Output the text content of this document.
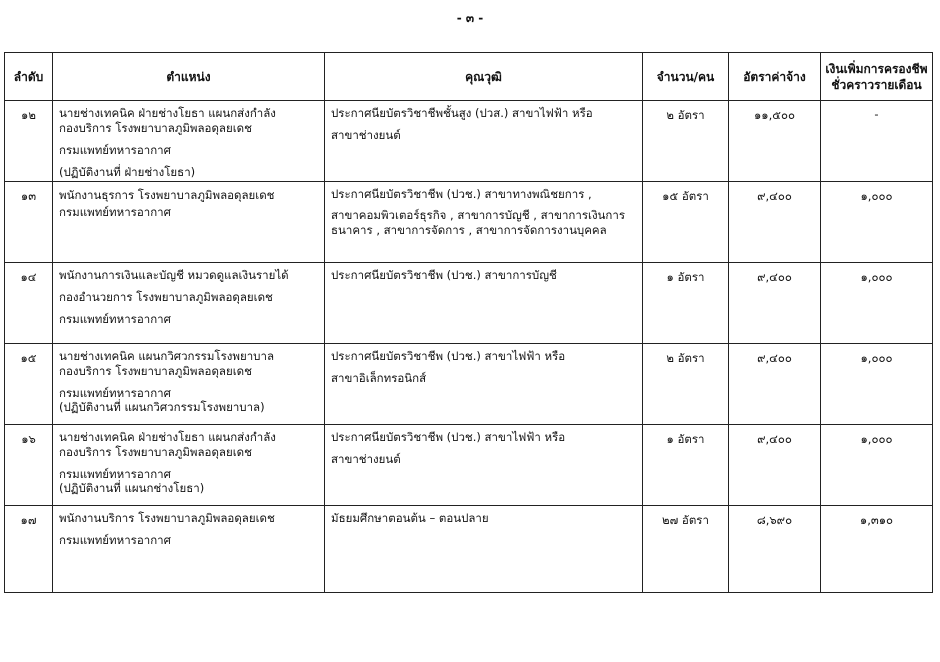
- ๓ -
ลำดับ	ตำแหน่ง	คุณวุฒิ	จำนวน/คน	อัตราค่าจ้าง	เงินเพิ่มการครองชีพ
ชั่วคราวรายเดือน

๑๒	นายช่างเทคนิค ฝ่ายช่างโยธา แผนกส่งกำลัง
กองบริการ โรงพยาบาลภูมิพลอดุลยเดช
กรมแพทย์ทหารอากาศ
(ปฏิบัติงานที่ ฝ่ายช่างโยธา)	ประกาศนียบัตรวิชาชีพชั้นสูง (ปวส.) สาขาไฟฟ้า หรือ
สาขาช่างยนต์	๒ อัตรา	๑๑,๕๐๐	-

๑๓	พนักงานธุรการ โรงพยาบาลภูมิพลอดุลยเดช
กรมแพทย์ทหารอากาศ	ประกาศนียบัตรวิชาชีพ (ปวช.) สาขาทางพณิชยการ ,
สาขาคอมพิวเตอร์ธุรกิจ , สาขาการบัญชี , สาขาการเงินการ
ธนาคาร , สาขาการจัดการ , สาขาการจัดการงานบุคคล	๑๕ อัตรา	๙,๔๐๐	๑,๐๐๐

๑๔	พนักงานการเงินและบัญชี หมวดดูแลเงินรายได้
กองอำนวยการ โรงพยาบาลภูมิพลอดุลยเดช
กรมแพทย์ทหารอากาศ	ประกาศนียบัตรวิชาชีพ (ปวช.) สาขาการบัญชี	๑ อัตรา	๙,๔๐๐	๑,๐๐๐

๑๕	นายช่างเทคนิค แผนกวิศวกรรมโรงพยาบาล
กองบริการ โรงพยาบาลภูมิพลอดุลยเดช
กรมแพทย์ทหารอากาศ
(ปฏิบัติงานที่ แผนกวิศวกรรมโรงพยาบาล)	ประกาศนียบัตรวิชาชีพ (ปวช.) สาขาไฟฟ้า หรือ
สาขาอิเล็กทรอนิกส์	๒ อัตรา	๙,๔๐๐	๑,๐๐๐

๑๖	นายช่างเทคนิค ฝ่ายช่างโยธา แผนกส่งกำลัง
กองบริการ โรงพยาบาลภูมิพลอดุลยเดช
กรมแพทย์ทหารอากาศ
(ปฏิบัติงานที่ แผนกช่างโยธา)	ประกาศนียบัตรวิชาชีพ (ปวช.) สาขาไฟฟ้า หรือ
สาขาช่างยนต์	๑ อัตรา	๙,๔๐๐	๑,๐๐๐

๑๗	พนักงานบริการ โรงพยาบาลภูมิพลอดุลยเดช
กรมแพทย์ทหารอากาศ	มัธยมศึกษาตอนต้น – ตอนปลาย	๒๗ อัตรา	๘,๖๙๐	๑,๓๑๐
